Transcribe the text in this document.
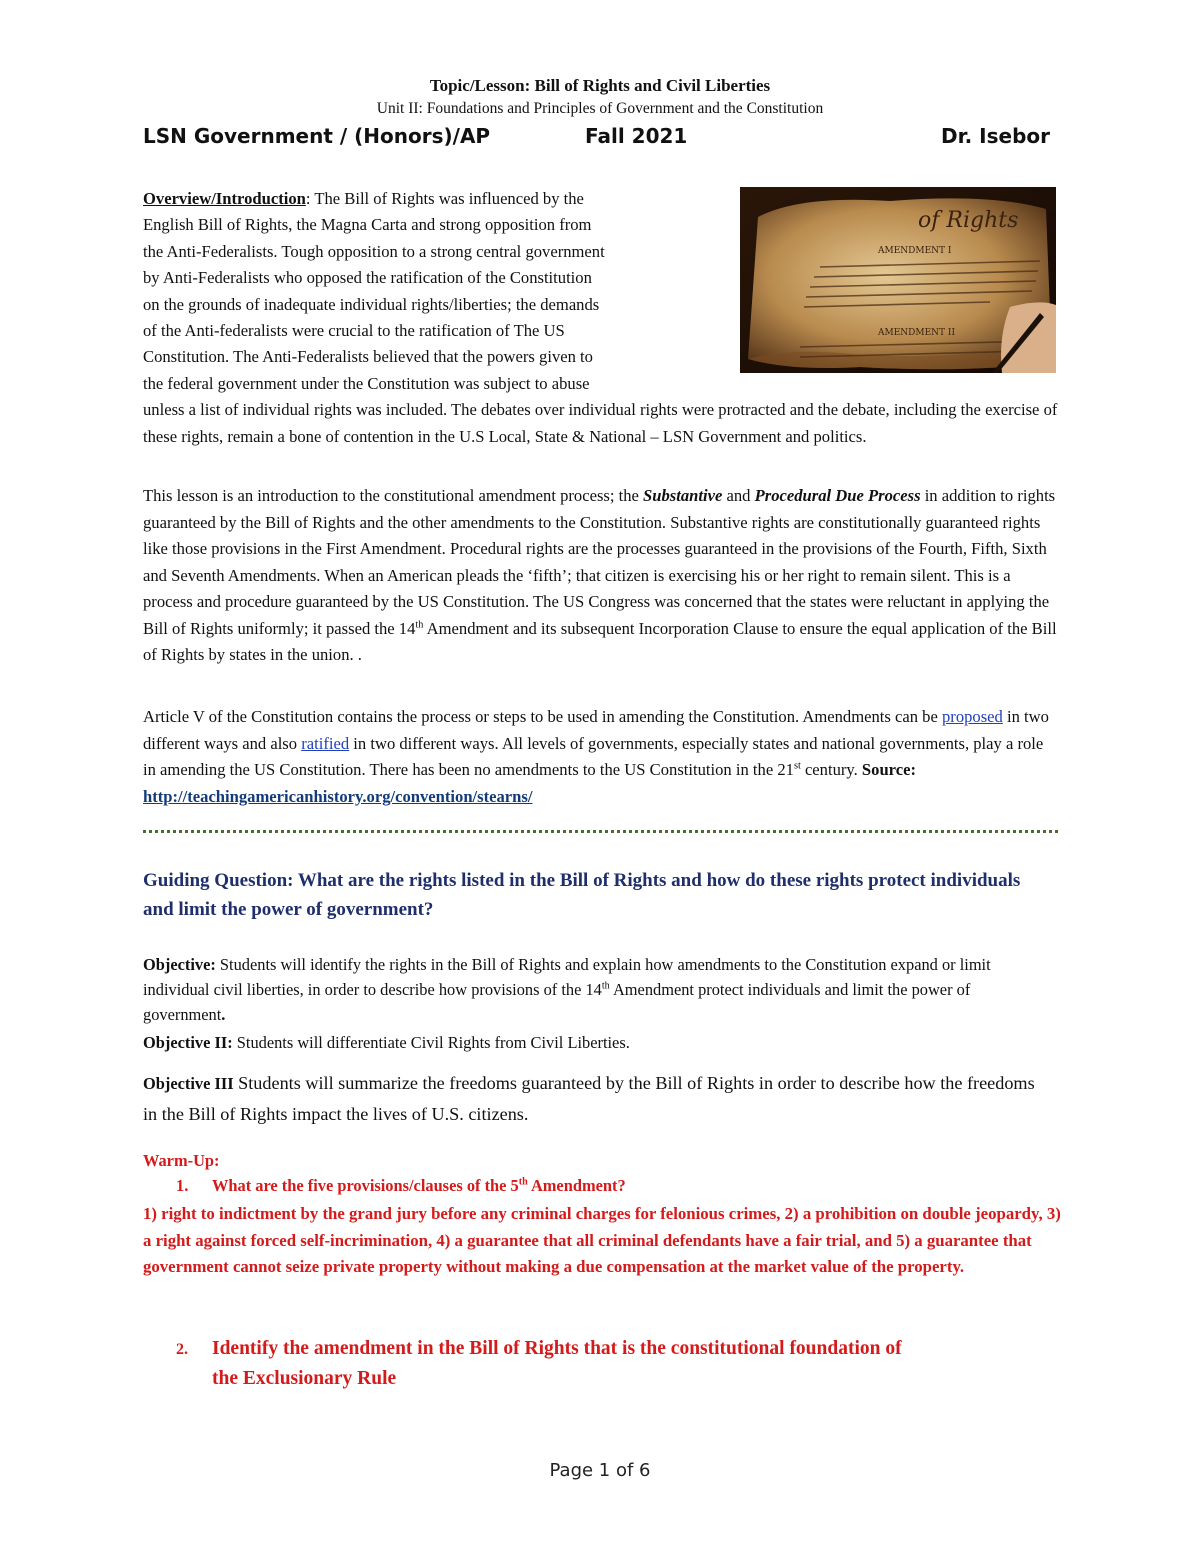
Topic/Lesson: Bill of Rights and Civil Liberties
Unit II: Foundations and Principles of Government and the Constitution
LSN Government / (Honors)/AP	Fall 2021	Dr. Isebor
Overview/Introduction: The Bill of Rights was influenced by the
English Bill of Rights, the Magna Carta and strong opposition from
the Anti-Federalists. Tough opposition to a strong central government
by Anti-Federalists who opposed the ratification of the Constitution
on the grounds of inadequate individual rights/liberties; the demands
of the Anti-federalists were crucial to the ratification of The US
Constitution. The Anti-Federalists believed that the powers given to
the federal government under the Constitution was subject to abuse
of Rights
AMENDMENT I
AMENDMENT II
unless a list of individual rights was included. The debates over individual rights were protracted and the debate, including the exercise of these rights, remain a bone of contention in the U.S Local, State & National – LSN Government and politics.
This lesson is an introduction to the constitutional amendment process; the Substantive and Procedural Due Process in addition to rights guaranteed by the Bill of Rights and the other amendments to the Constitution. Substantive rights are constitutionally guaranteed rights like those provisions in the First Amendment. Procedural rights are the processes guaranteed in the provisions of the Fourth, Fifth, Sixth and Seventh Amendments. When an American pleads the ‘fifth’; that citizen is exercising his or her right to remain silent. This is a process and procedure guaranteed by the US Constitution. The US Congress was concerned that the states were reluctant in applying the Bill of Rights uniformly; it passed the 14th Amendment and its subsequent Incorporation Clause to ensure the equal application of the Bill of Rights by states in the union. .
Article V of the Constitution contains the process or steps to be used in amending the Constitution. Amendments can be proposed in two different ways and also ratified in two different ways. All levels of governments, especially states and national governments, play a role in amending the US Constitution. There has been no amendments to the US Constitution in the 21st century. Source:
http://teachingamericanhistory.org/convention/stearns/
Guiding Question: What are the rights listed in the Bill of Rights and how do these rights protect individuals and limit the power of government?
Objective: Students will identify the rights in the Bill of Rights and explain how amendments to the Constitution expand or limit individual civil liberties, in order to describe how provisions of the 14th Amendment protect individuals and limit the power of government.
Objective II: Students will differentiate Civil Rights from Civil Liberties.
Objective III Students will summarize the freedoms guaranteed by the Bill of Rights in order to describe how the freedoms in the Bill of Rights impact the lives of U.S. citizens.
Warm-Up:
1. What are the five provisions/clauses of the 5th Amendment?
1) right to indictment by the grand jury before any criminal charges for felonious crimes, 2) a prohibition on double jeopardy, 3) a right against forced self-incrimination, 4) a guarantee that all criminal defendants have a fair trial, and 5) a guarantee that government cannot seize private property without making a due compensation at the market value of the property.
2. Identify the amendment in the Bill of Rights that is the constitutional foundation of
the Exclusionary Rule
Page 1 of 6
